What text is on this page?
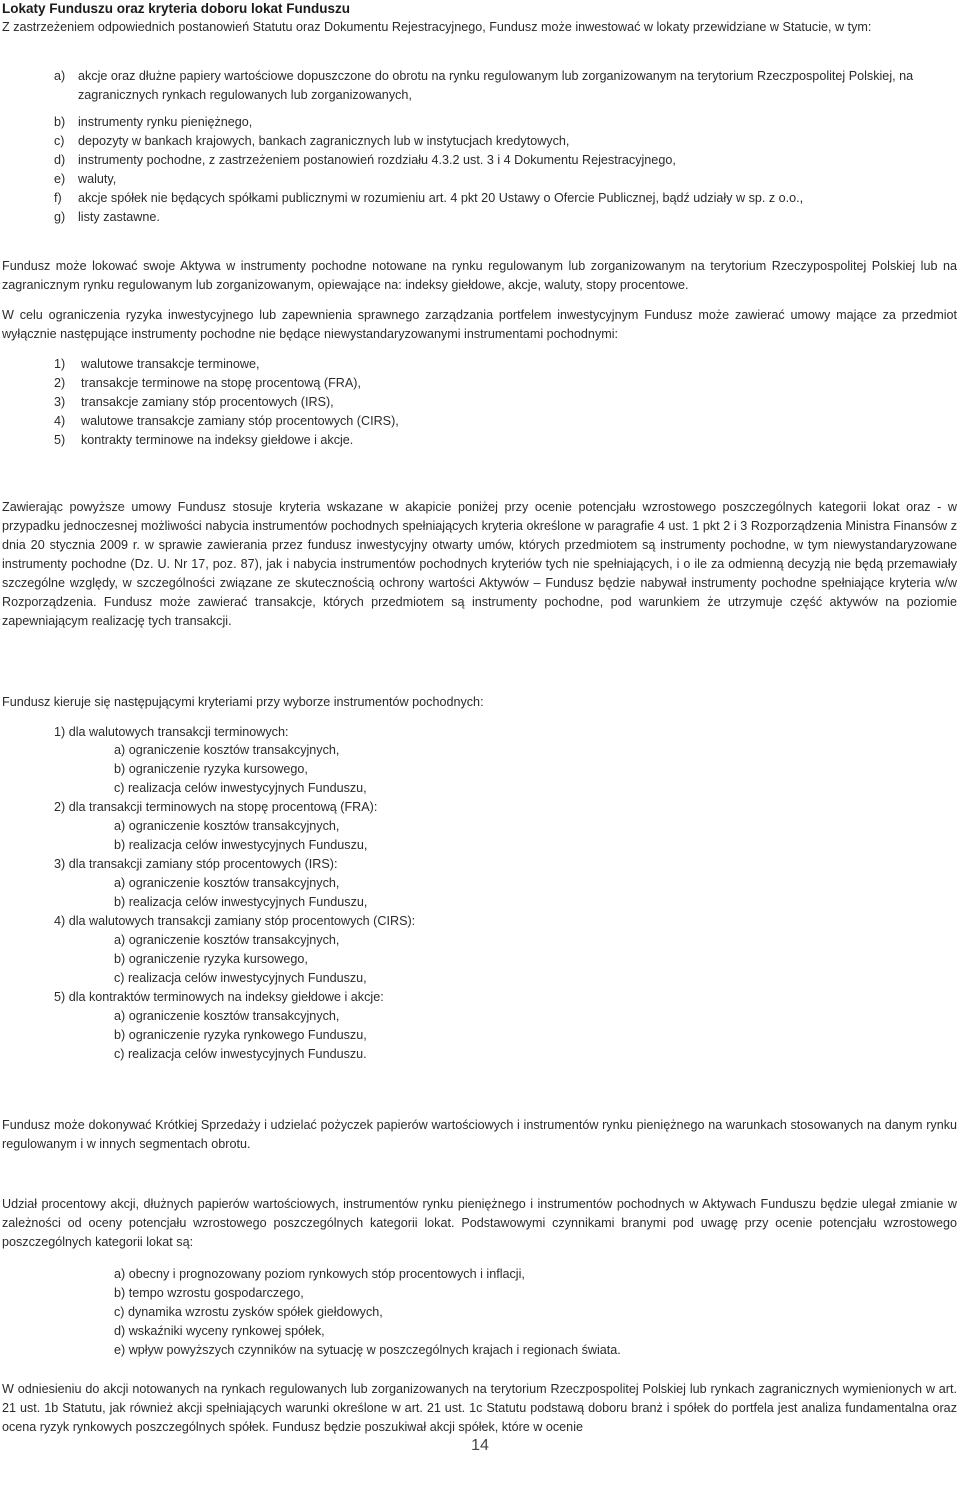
Lokaty Funduszu oraz kryteria doboru lokat Funduszu
Z zastrzeżeniem odpowiednich postanowień Statutu oraz Dokumentu Rejestracyjnego, Fundusz może inwestować w lokaty przewidziane w Statucie, w tym:
a) akcje oraz dłużne papiery wartościowe dopuszczone do obrotu na rynku regulowanym lub zorganizowanym na terytorium Rzeczpospolitej Polskiej, na zagranicznych rynkach regulowanych lub zorganizowanych,
b) instrumenty rynku pieniężnego,
c) depozyty w bankach krajowych, bankach zagranicznych lub w instytucjach kredytowych,
d) instrumenty pochodne, z zastrzeżeniem postanowień rozdziału 4.3.2 ust. 3 i 4 Dokumentu Rejestracyjnego,
e) waluty,
f) akcje spółek nie będących spółkami publicznymi w rozumieniu art. 4 pkt 20 Ustawy o Ofercie Publicznej, bądź udziały w sp. z o.o.,
g) listy zastawne.
Fundusz może lokować swoje Aktywa w instrumenty pochodne notowane na rynku regulowanym lub zorganizowanym na terytorium Rzeczypospolitej Polskiej lub na zagranicznym rynku regulowanym lub zorganizowanym, opiewające na: indeksy giełdowe, akcje, waluty, stopy procentowe.
W celu ograniczenia ryzyka inwestycyjnego lub zapewnienia sprawnego zarządzania portfelem inwestycyjnym Fundusz może zawierać umowy mające za przedmiot wyłącznie następujące instrumenty pochodne nie będące niewystandaryzowanymi instrumentami pochodnymi:
1) walutowe transakcje terminowe,
2) transakcje terminowe na stopę procentową (FRA),
3) transakcje zamiany stóp procentowych (IRS),
4) walutowe transakcje zamiany stóp procentowych (CIRS),
5) kontrakty terminowe na indeksy giełdowe i akcje.
Zawierając powyższe umowy Fundusz stosuje kryteria wskazane w akapicie poniżej przy ocenie potencjału wzrostowego poszczególnych kategorii lokat oraz - w przypadku jednoczesnej możliwości nabycia instrumentów pochodnych spełniających kryteria określone w paragrafie 4 ust. 1 pkt 2 i 3 Rozporządzenia Ministra Finansów z dnia 20 stycznia 2009 r. w sprawie zawierania przez fundusz inwestycyjny otwarty umów, których przedmiotem są instrumenty pochodne, w tym niewystandaryzowane instrumenty pochodne (Dz. U. Nr 17, poz. 87), jak i nabycia instrumentów pochodnych kryteriów tych nie spełniających, i o ile za odmienną decyzją nie będą przemawiały szczególne względy, w szczególności związane ze skutecznością ochrony wartości Aktywów – Fundusz będzie nabywał instrumenty pochodne spełniające kryteria w/w Rozporządzenia. Fundusz może zawierać transakcje, których przedmiotem są instrumenty pochodne, pod warunkiem że utrzymuje część aktywów na poziomie zapewniającym realizację tych transakcji.
Fundusz kieruje się następującymi kryteriami przy wyborze instrumentów pochodnych:
1) dla walutowych transakcji terminowych:
a) ograniczenie kosztów transakcyjnych,
b) ograniczenie ryzyka kursowego,
c) realizacja celów inwestycyjnych Funduszu,
2) dla transakcji terminowych na stopę procentową (FRA):
a) ograniczenie kosztów transakcyjnych,
b) realizacja celów inwestycyjnych Funduszu,
3) dla transakcji zamiany stóp procentowych (IRS):
a) ograniczenie kosztów transakcyjnych,
b) realizacja celów inwestycyjnych Funduszu,
4) dla walutowych transakcji zamiany stóp procentowych (CIRS):
a) ograniczenie kosztów transakcyjnych,
b) ograniczenie ryzyka kursowego,
c) realizacja celów inwestycyjnych Funduszu,
5) dla kontraktów terminowych na indeksy giełdowe i akcje:
a) ograniczenie kosztów transakcyjnych,
b) ograniczenie ryzyka rynkowego Funduszu,
c) realizacja celów inwestycyjnych Funduszu.
Fundusz może dokonywać Krótkiej Sprzedaży i udzielać pożyczek papierów wartościowych i instrumentów rynku pieniężnego na warunkach stosowanych na danym rynku regulowanym i w innych segmentach obrotu.
Udział procentowy akcji, dłużnych papierów wartościowych, instrumentów rynku pieniężnego i instrumentów pochodnych w Aktywach Funduszu będzie ulegał zmianie w zależności od oceny potencjału wzrostowego poszczególnych kategorii lokat. Podstawowymi czynnikami branymi pod uwagę przy ocenie potencjału wzrostowego poszczególnych kategorii lokat są:
a) obecny i prognozowany poziom rynkowych stóp procentowych i inflacji,
b) tempo wzrostu gospodarczego,
c) dynamika wzrostu zysków spółek giełdowych,
d) wskaźniki wyceny rynkowej spółek,
e) wpływ powyższych czynników na sytuację w poszczególnych krajach i regionach świata.
W odniesieniu do akcji notowanych na rynkach regulowanych lub zorganizowanych na terytorium Rzeczpospolitej Polskiej lub rynkach zagranicznych wymienionych w art. 21 ust. 1b Statutu, jak również akcji spełniających warunki określone w art. 21 ust. 1c Statutu podstawą doboru branż i spółek do portfela jest analiza fundamentalna oraz ocena ryzyk rynkowych poszczególnych spółek. Fundusz będzie poszukiwał akcji spółek, które w ocenie
14
